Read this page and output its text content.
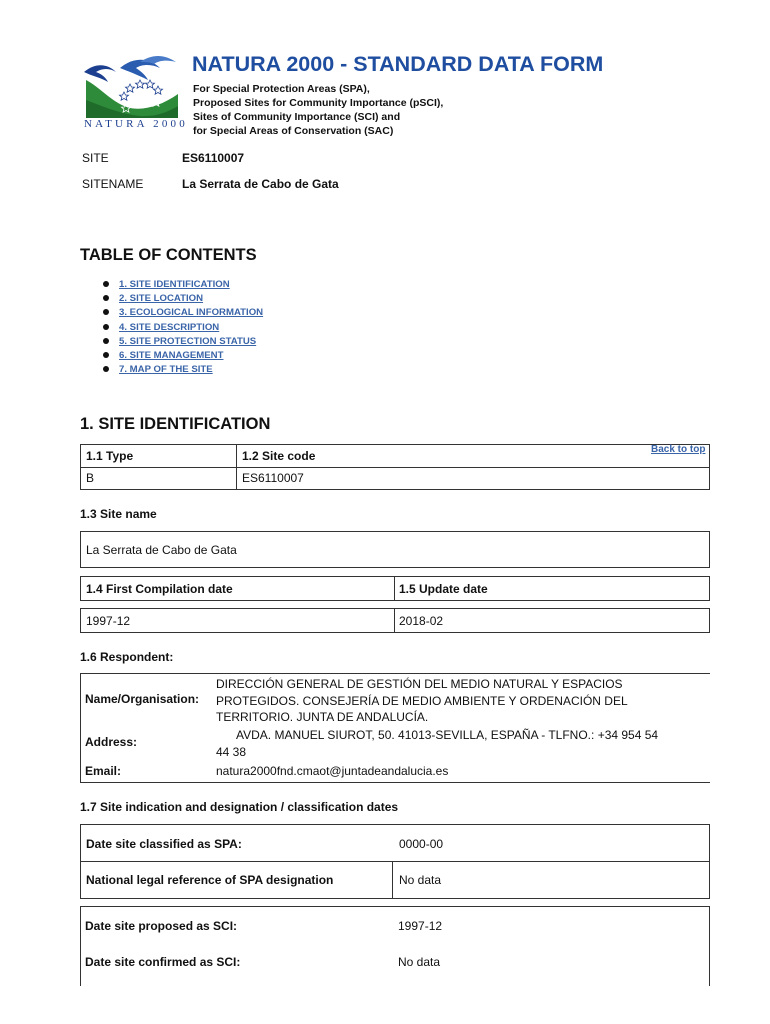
NATURA 2000
NATURA 2000 - STANDARD DATA FORM
For Special Protection Areas (SPA),
Proposed Sites for Community Importance (pSCI),
Sites of Community Importance (SCI) and
for Special Areas of Conservation (SAC)
SITE	ES6110007
SITENAME	La Serrata de Cabo de Gata
TABLE OF CONTENTS
1. SITE IDENTIFICATION
2. SITE LOCATION
3. ECOLOGICAL INFORMATION
4. SITE DESCRIPTION
5. SITE PROTECTION STATUS
6. SITE MANAGEMENT
7. MAP OF THE SITE
1. SITE IDENTIFICATION
1.1 Type	1.2 Site code
B	ES6110007
Back to top
1.3 Site name
La Serrata de Cabo de Gata
1.4 First Compilation date	1.5 Update date
1997-12	2018-02
1.6 Respondent:
Name/Organisation:
DIRECCIÓN GENERAL DE GESTIÓN DEL MEDIO NATURAL Y ESPACIOS
PROTEGIDOS. CONSEJERÍA DE MEDIO AMBIENTE Y ORDENACIÓN DEL
TERRITORIO. JUNTA DE ANDALUCÍA.
Address:	AVDA. MANUEL SIUROT, 50. 41013-SEVILLA, ESPAÑA - TLFNO.: +34 954 54
44 38
Email:	natura2000fnd.cmaot@juntadeandalucia.es
1.7 Site indication and designation / classification dates
Date site classified as SPA:	0000-00
National legal reference of SPA designation	No data
Date site proposed as SCI:	1997-12
Date site confirmed as SCI:	No data
